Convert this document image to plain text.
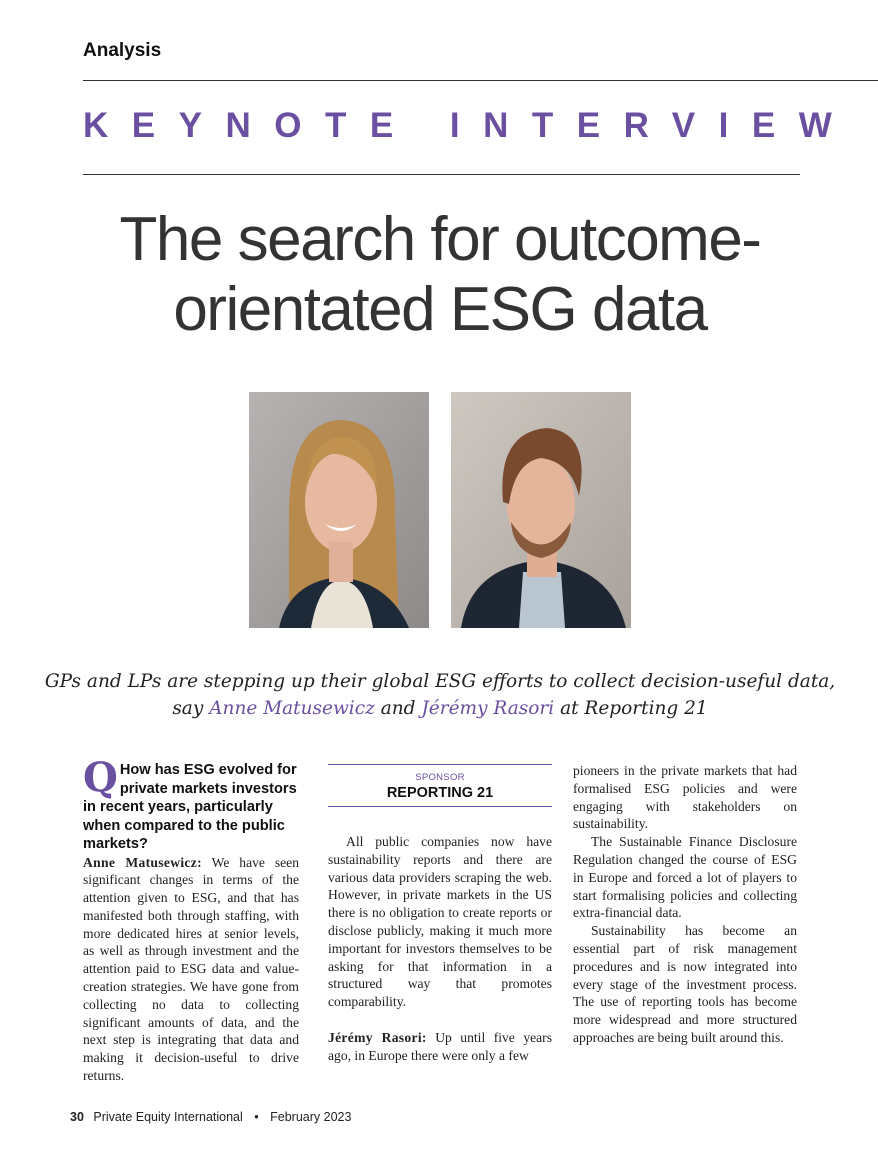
Analysis
KEYNOTE INTERVIEW
The search for outcome-
orientated ESG data
GPs and LPs are stepping up their global ESG efforts to collect decision-useful data,
say Anne Matusewicz and Jérémy Rasori at Reporting 21

Q How has ESG evolved for private markets investors in recent years, particularly when compared to the public markets?

Anne Matusewicz: We have seen significant changes in terms of the attention given to ESG, and that has manifested both through staffing, with more dedicated hires at senior levels, as well as through investment and the attention paid to ESG data and value-creation strategies. We have gone from collecting no data to collecting significant amounts of data, and the next step is integrating that data and making it decision-useful to drive returns.

SPONSOR
REPORTING 21

All public companies now have sustainability reports and there are various data providers scraping the web. However, in private markets in the US there is no obligation to create reports or disclose publicly, making it much more important for investors themselves to be asking for that information in a structured way that promotes comparability.

Jérémy Rasori: Up until five years ago, in Europe there were only a few

pioneers in the private markets that had formalised ESG policies and were engaging with stakeholders on sustainability.

The Sustainable Finance Disclosure Regulation changed the course of ESG in Europe and forced a lot of players to start formalising policies and collecting extra-financial data.

Sustainability has become an essential part of risk management procedures and is now integrated into every stage of the investment process. The use of reporting tools has become more widespread and more structured approaches are being built around this.

30 Private Equity International • February 2023
